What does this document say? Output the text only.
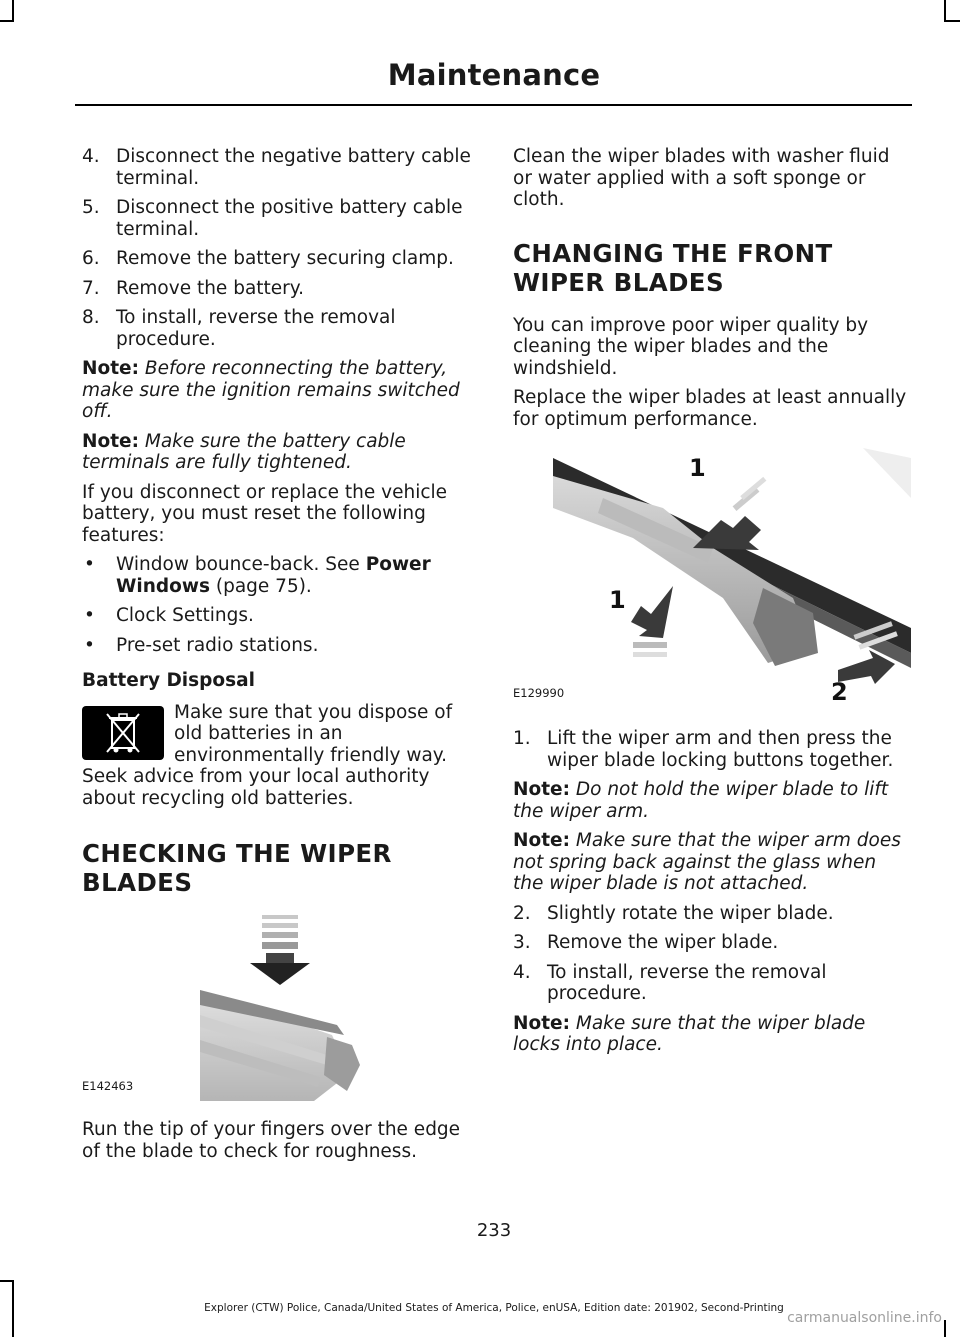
Maintenance
4. Disconnect the negative battery cable terminal.
5. Disconnect the positive battery cable terminal.
6. Remove the battery securing clamp.
7. Remove the battery.
8. To install, reverse the removal procedure.

Note: Before reconnecting the battery, make sure the ignition remains switched off.

Note: Make sure the battery cable terminals are fully tightened.

If you disconnect or replace the vehicle battery, you must reset the following features:

• Window bounce-back. See Power Windows (page 75).
• Clock Settings.
• Pre-set radio stations.
Battery Disposal
Make sure that you dispose of old batteries in an environmentally friendly way. Seek advice from your local authority about recycling old batteries.
CHECKING THE WIPER BLADES
E142463

Run the tip of your fingers over the edge of the blade to check for roughness.

Clean the wiper blades with washer fluid or water applied with a soft sponge or cloth.

CHANGING THE FRONT WIPER BLADES

You can improve poor wiper quality by cleaning the wiper blades and the windshield.

Replace the wiper blades at least annually for optimum performance.

1
1
2
E129990
1. Lift the wiper arm and then press the wiper blade locking buttons together.

Note: Do not hold the wiper blade to lift the wiper arm.

Note: Make sure that the wiper arm does not spring back against the glass when the wiper blade is not attached.

2. Slightly rotate the wiper blade.
3. Remove the wiper blade.
4. To install, reverse the removal procedure.

Note: Make sure that the wiper blade locks into place.

233
Explorer (CTW) Police, Canada/United States of America, Police, enUSA, Edition date: 201902, Second-Printing
carmanualsonline.info
